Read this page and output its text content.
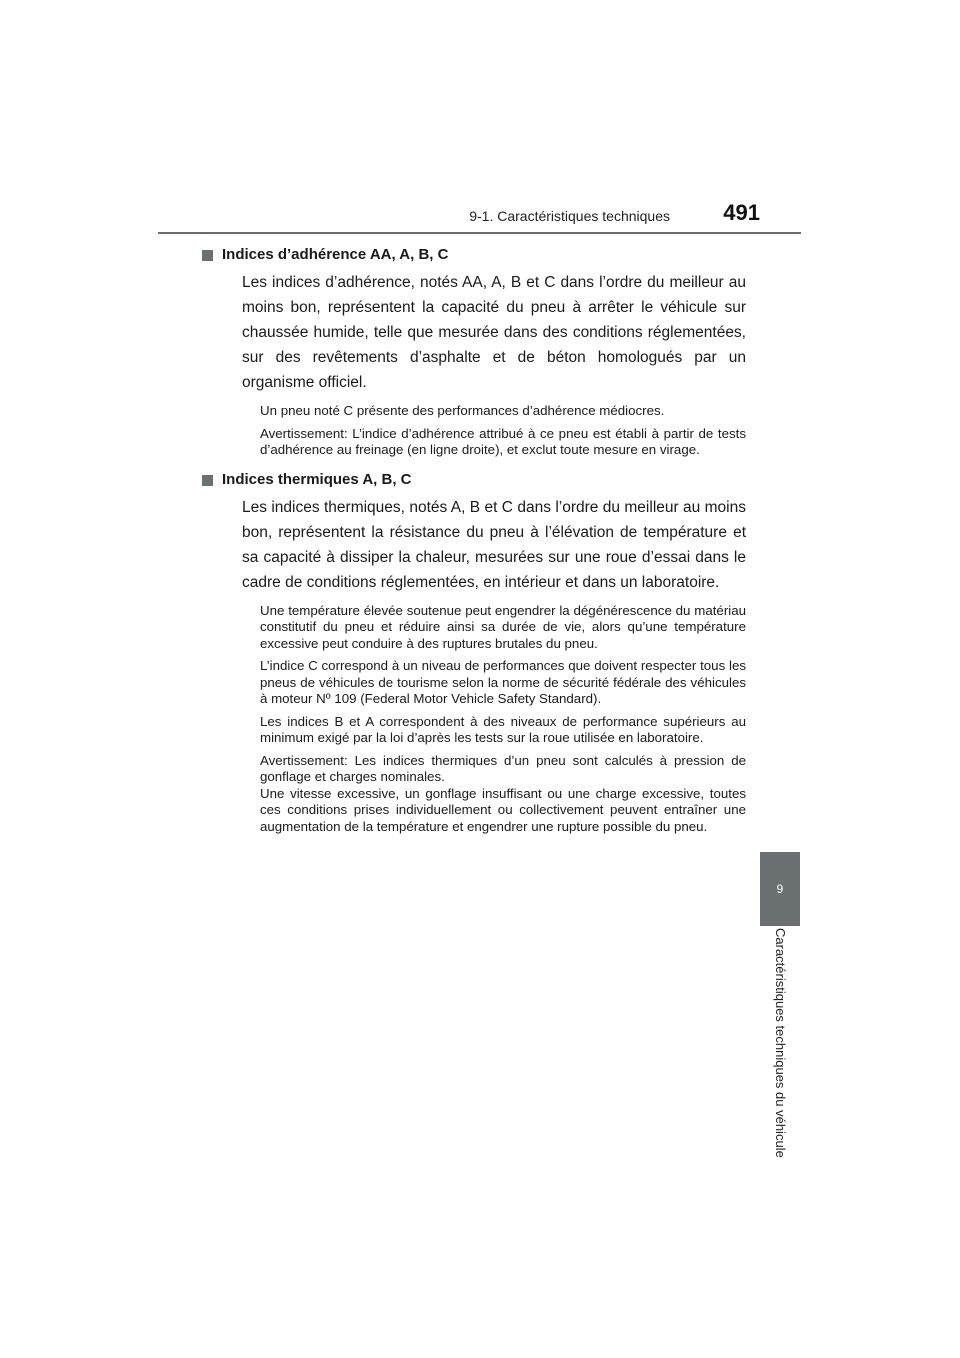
9-1. Caractéristiques techniques	491
9
Caractéristiques techniques du véhicule
Indices d’adhérence AA, A, B, C

Les indices d’adhérence, notés AA, A, B et C dans l’ordre du meilleur au moins bon, représentent la capacité du pneu à arrêter le véhicule sur chaussée humide, telle que mesurée dans des conditions réglementées, sur des revêtements d’asphalte et de béton homologués par un organisme officiel.

Un pneu noté C présente des performances d’adhérence médiocres.

Avertissement: L’indice d’adhérence attribué à ce pneu est établi à partir de tests d’adhérence au freinage (en ligne droite), et exclut toute mesure en virage.

Indices thermiques A, B, C

Les indices thermiques, notés A, B et C dans l’ordre du meilleur au moins bon, représentent la résistance du pneu à l’élévation de température et sa capacité à dissiper la chaleur, mesurées sur une roue d’essai dans le cadre de conditions réglementées, en intérieur et dans un laboratoire.

Une température élevée soutenue peut engendrer la dégénérescence du matériau constitutif du pneu et réduire ainsi sa durée de vie, alors qu’une température excessive peut conduire à des ruptures brutales du pneu.

L’indice C correspond à un niveau de performances que doivent respecter tous les pneus de véhicules de tourisme selon la norme de sécurité fédérale des véhicules à moteur Nº 109 (Federal Motor Vehicle Safety Standard).

Les indices B et A correspondent à des niveaux de performance supérieurs au minimum exigé par la loi d’après les tests sur la roue utilisée en laboratoire.

Avertissement: Les indices thermiques d’un pneu sont calculés à pression de gonflage et charges nominales.

Une vitesse excessive, un gonflage insuffisant ou une charge excessive, toutes ces conditions prises individuellement ou collectivement peuvent entraîner une augmentation de la température et engendrer une rupture possible du pneu.
